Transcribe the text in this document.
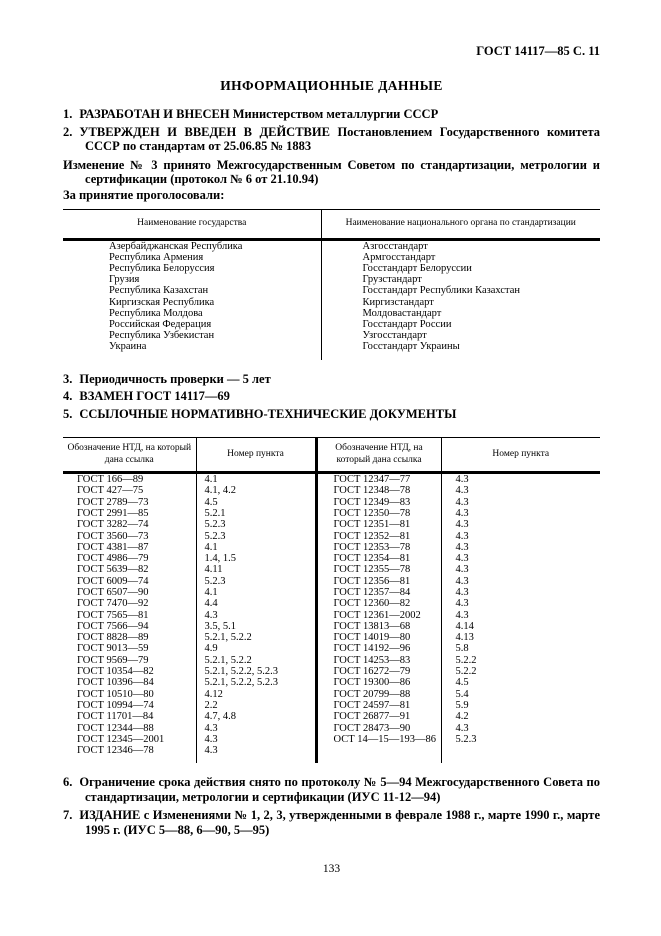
ГОСТ 14117—85 С. 11
ИНФОРМАЦИОННЫЕ ДАННЫЕ

1. РАЗРАБОТАН И ВНЕСЕН Министерством металлургии СССР

2. УТВЕРЖДЕН И ВВЕДЕН В ДЕЙСТВИЕ Постановлением Государственного комитета СССР по стандартам от 25.06.85 № 1883

Изменение № 3 принято Межгосударственным Советом по стандартизации, метрологии и сертификации (протокол № 6 от 21.10.94)

За принятие проголосовали:

Наименование государства	Наименование национального органа по стандартизации
Азербайджанская Республика	Азгосстандарт
Республика Армения	Армгосстандарт
Республика Белоруссия	Госстандарт Белоруссии
Грузия	Грузстандарт
Республика Казахстан	Госстандарт Республики Казахстан
Киргизская Республика	Киргизстандарт
Республика Молдова	Молдовастандарт
Российская Федерация	Госстандарт России
Республика Узбекистан	Узгосстандарт
Украина	Госстандарт Украины

3. Периодичность проверки — 5 лет

4. ВЗАМЕН ГОСТ 14117—69

5. ССЫЛОЧНЫЕ НОРМАТИВНО-ТЕХНИЧЕСКИЕ ДОКУМЕНТЫ

Обозначение НТД, на который дана ссылка	Номер пункта	Обозначение НТД, на который дана ссылка	Номер пункта
ГОСТ 166—89	4.1	ГОСТ 12347—77	4.3
ГОСТ 427—75	4.1, 4.2	ГОСТ 12348—78	4.3
ГОСТ 2789—73	4.5	ГОСТ 12349—83	4.3
ГОСТ 2991—85	5.2.1	ГОСТ 12350—78	4.3
ГОСТ 3282—74	5.2.3	ГОСТ 12351—81	4.3
ГОСТ 3560—73	5.2.3	ГОСТ 12352—81	4.3
ГОСТ 4381—87	4.1	ГОСТ 12353—78	4.3
ГОСТ 4986—79	1.4, 1.5	ГОСТ 12354—81	4.3
ГОСТ 5639—82	4.11	ГОСТ 12355—78	4.3
ГОСТ 6009—74	5.2.3	ГОСТ 12356—81	4.3
ГОСТ 6507—90	4.1	ГОСТ 12357—84	4.3
ГОСТ 7470—92	4.4	ГОСТ 12360—82	4.3
ГОСТ 7565—81	4.3	ГОСТ 12361—2002	4.3
ГОСТ 7566—94	3.5, 5.1	ГОСТ 13813—68	4.14
ГОСТ 8828—89	5.2.1, 5.2.2	ГОСТ 14019—80	4.13
ГОСТ 9013—59	4.9	ГОСТ 14192—96	5.8
ГОСТ 9569—79	5.2.1, 5.2.2	ГОСТ 14253—83	5.2.2
ГОСТ 10354—82	5.2.1, 5.2.2, 5.2.3	ГОСТ 16272—79	5.2.2
ГОСТ 10396—84	5.2.1, 5.2.2, 5.2.3	ГОСТ 19300—86	4.5
ГОСТ 10510—80	4.12	ГОСТ 20799—88	5.4
ГОСТ 10994—74	2.2	ГОСТ 24597—81	5.9
ГОСТ 11701—84	4.7, 4.8	ГОСТ 26877—91	4.2
ГОСТ 12344—88	4.3	ГОСТ 28473—90	4.3
ГОСТ 12345—2001	4.3	ОСТ 14—15—193—86	5.2.3
ГОСТ 12346—78	4.3		

6. Ограничение срока действия снято по протоколу № 5—94 Межгосударственного Совета по стандартизации, метрологии и сертификации (ИУС 11-12—94)

7. ИЗДАНИЕ с Изменениями № 1, 2, 3, утвержденными в феврале 1988 г., марте 1990 г., марте 1995 г. (ИУС 5—88, 6—90, 5—95)

133
